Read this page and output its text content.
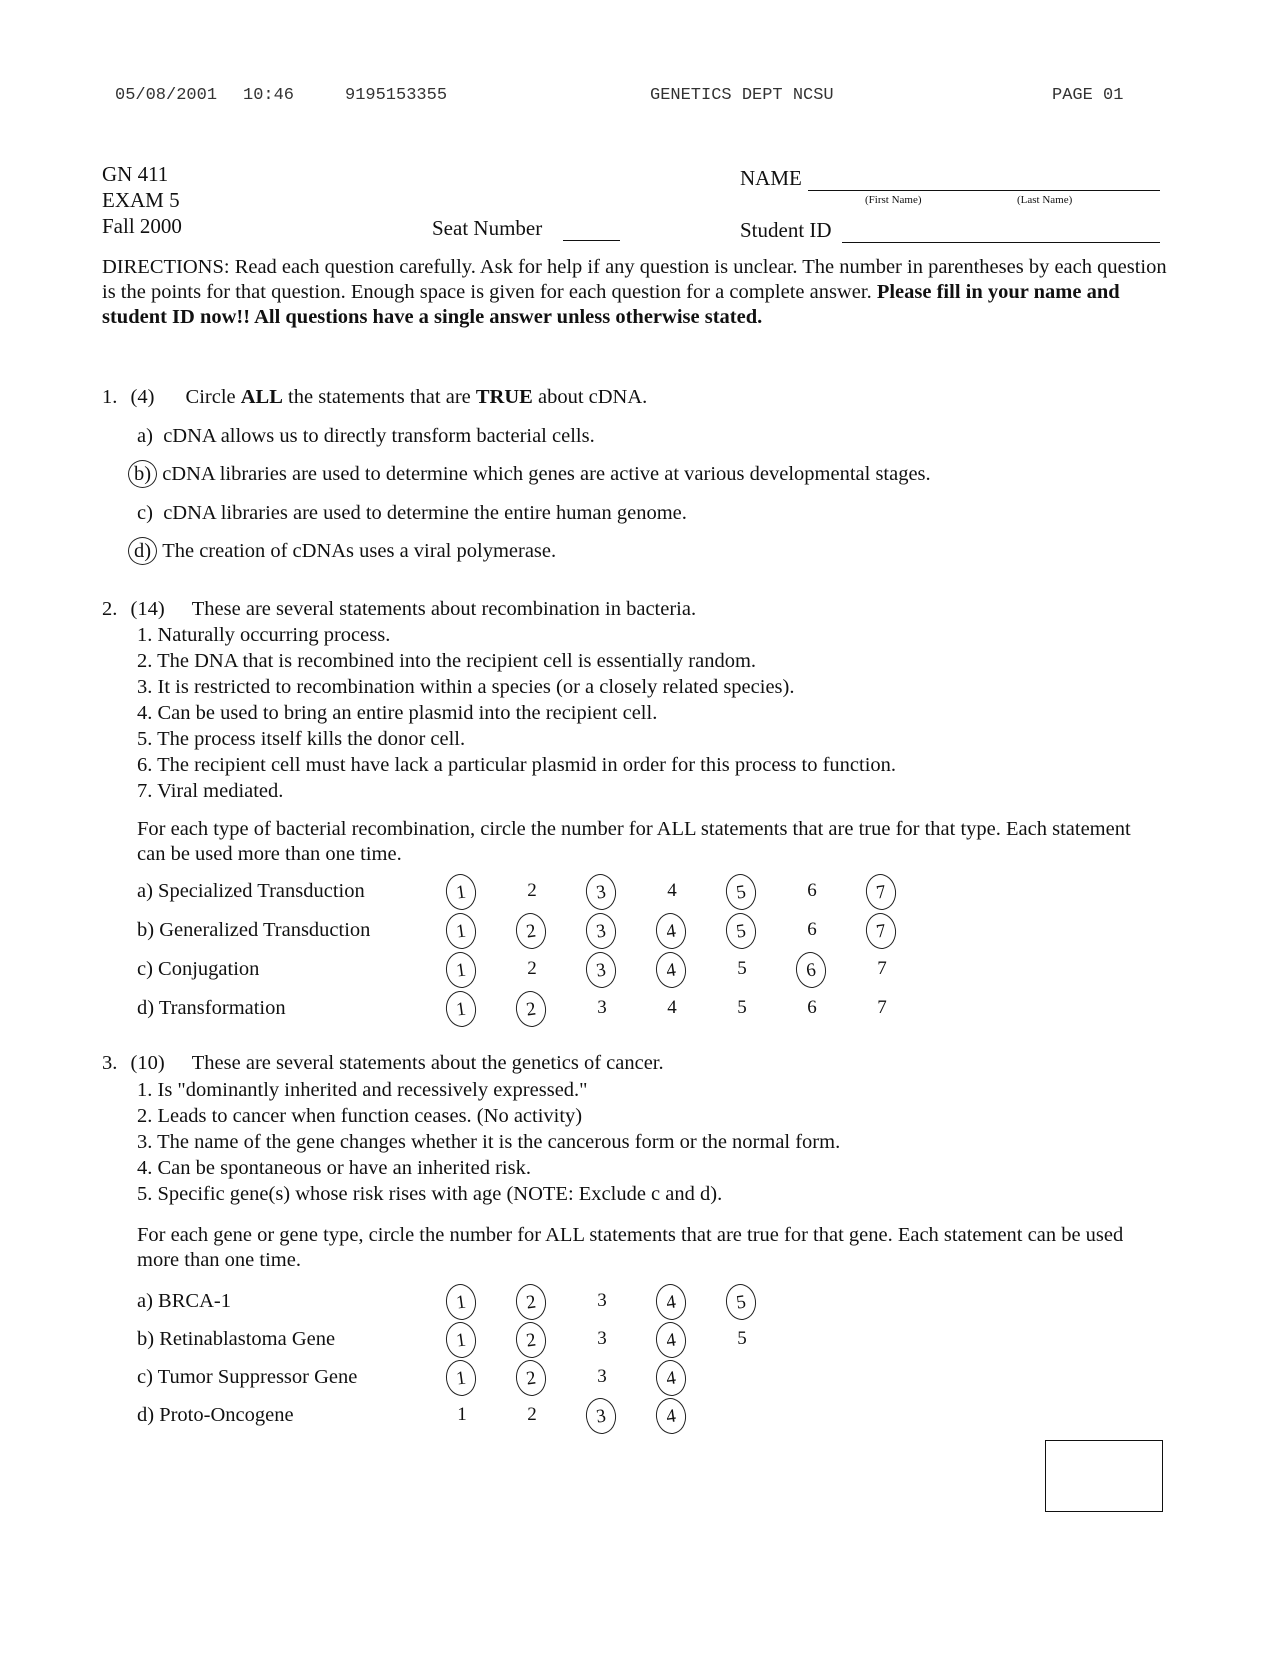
05/08/2001 10:46	9195153355	GENETICS DEPT NCSU	PAGE 01
GN 411
EXAM 5
Fall 2000	Seat Number
NAME
(First Name)	(Last Name)
Student ID
DIRECTIONS: Read each question carefully. Ask for help if any question is unclear. The number in parentheses by each question is the points for that question. Enough space is given for each question for a complete answer. Please fill in your name and student ID now!! All questions have a single answer unless otherwise stated.
1. (4) Circle ALL the statements that are TRUE about cDNA.
a) cDNA allows us to directly transform bacterial cells.
b) cDNA libraries are used to determine which genes are active at various developmental stages.
c) cDNA libraries are used to determine the entire human genome.
d) The creation of cDNAs uses a viral polymerase.
2. (14) These are several statements about recombination in bacteria.
1. Naturally occurring process.
2. The DNA that is recombined into the recipient cell is essentially random.
3. It is restricted to recombination within a species (or a closely related species).
4. Can be used to bring an entire plasmid into the recipient cell.
5. The process itself kills the donor cell.
6. The recipient cell must have lack a particular plasmid in order for this process to function.
7. Viral mediated.
For each type of bacterial recombination, circle the number for ALL statements that are true for that type. Each statement can be used more than one time.
a) Specialized Transduction	1	2	3	4	5	6	7
b) Generalized Transduction	1	2	3	4	5	6	7
c) Conjugation	1	2	3	4	5	6	7
d) Transformation	1	2	3	4	5	6	7
3. (10) These are several statements about the genetics of cancer.
1. Is "dominantly inherited and recessively expressed."
2. Leads to cancer when function ceases. (No activity)
3. The name of the gene changes whether it is the cancerous form or the normal form.
4. Can be spontaneous or have an inherited risk.
5. Specific gene(s) whose risk rises with age (NOTE: Exclude c and d).
For each gene or gene type, circle the number for ALL statements that are true for that gene. Each statement can be used more than one time.
a) BRCA-1	1	2	3	4	5
b) Retinablastoma Gene	1	2	3	4	5
c) Tumor Suppressor Gene	1	2	3	4
d) Proto-Oncogene	1	2	3	4
